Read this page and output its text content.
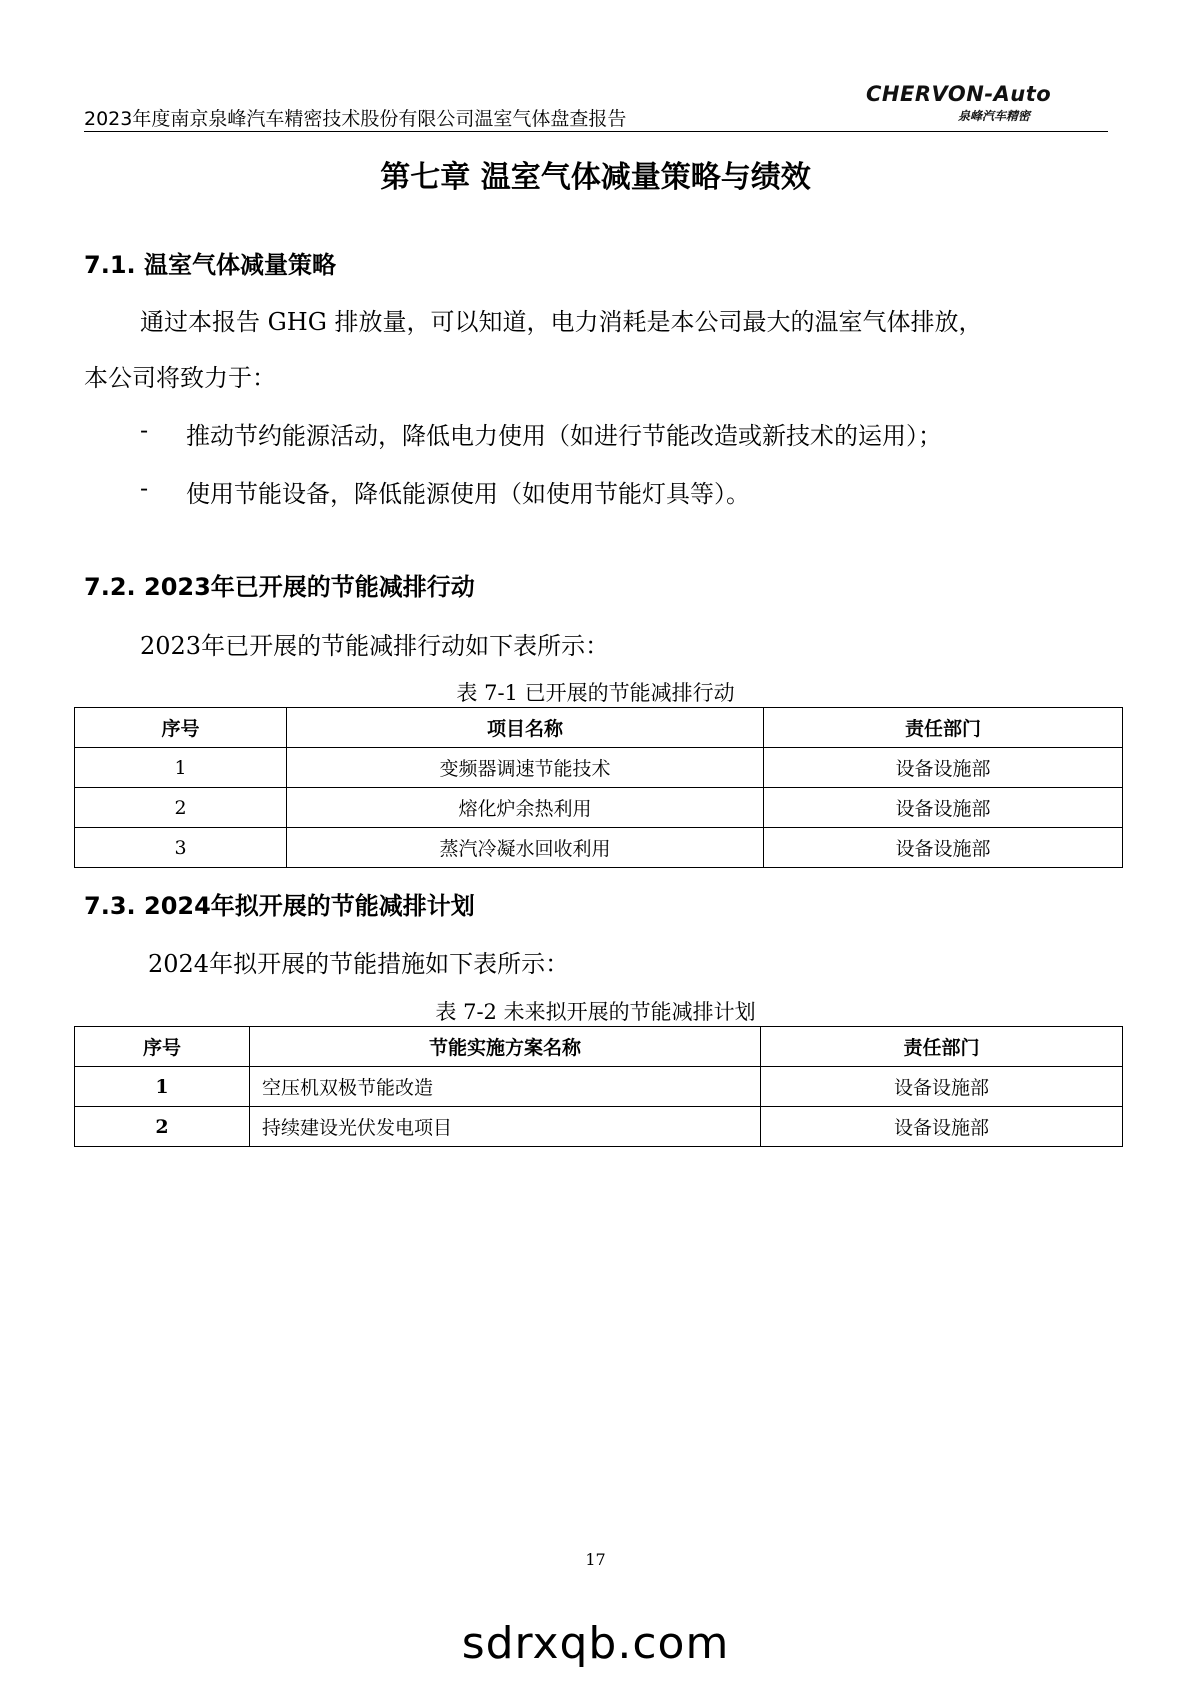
2023年度南京泉峰汽车精密技术股份有限公司温室气体盘查报告
CHERVON-Auto
泉峰汽车精密
第七章 温室气体减量策略与绩效
7.1. 温室气体减量策略
通过本报告 GHG 排放量，可以知道，电力消耗是本公司最大的温室气体排放，
本公司将致力于：
- 推动节约能源活动，降低电力使用（如进行节能改造或新技术的运用）；
- 使用节能设备，降低能源使用（如使用节能灯具等）。
7.2. 2023年已开展的节能减排行动
2023年已开展的节能减排行动如下表所示：
表 7-1 已开展的节能减排行动
序号	项目名称	责任部门
1	变频器调速节能技术	设备设施部
2	熔化炉余热利用	设备设施部
3	蒸汽冷凝水回收利用	设备设施部
7.3. 2024年拟开展的节能减排计划
2024年拟开展的节能措施如下表所示：
表 7-2 未来拟开展的节能减排计划
序号	节能实施方案名称	责任部门
1	空压机双极节能改造	设备设施部
2	持续建设光伏发电项目	设备设施部
17
sdrxqb.com
